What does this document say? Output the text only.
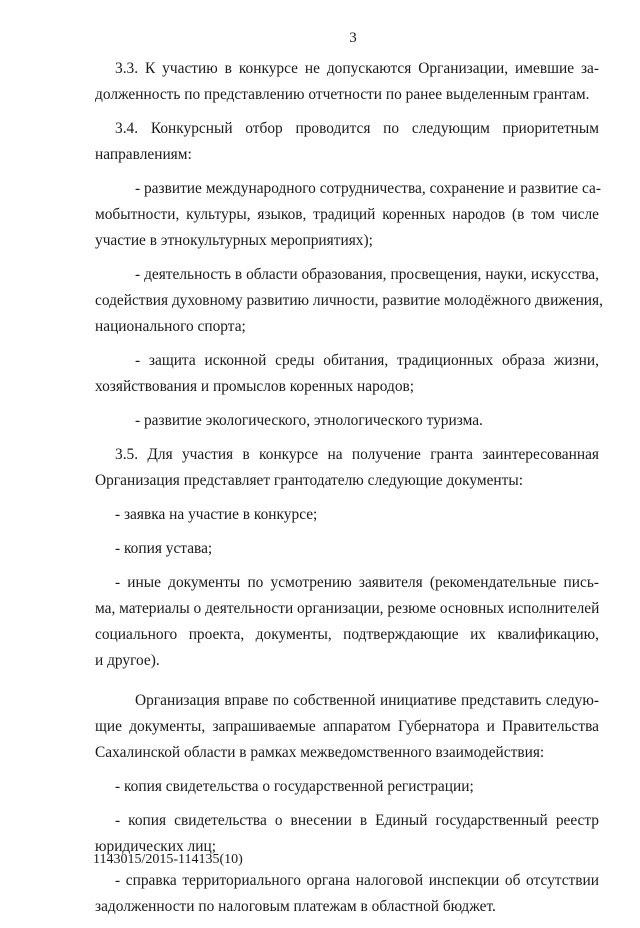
3
3.3. К участию в конкурсе не допускаются Организации, имевшие за-
долженность по представлению отчетности по ранее выделенным грантам.
3.4. Конкурсный отбор проводится по следующим приоритетным
направлениям:
- развитие международного сотрудничества, сохранение и развитие са-
мобытности, культуры, языков, традиций коренных народов (в том числе
участие в этнокультурных мероприятиях);
- деятельность в области образования, просвещения, науки, искусства,
содействия духовному развитию личности, развитие молодёжного движения,
национального спорта;
- защита исконной среды обитания, традиционных образа жизни,
хозяйствования и промыслов коренных народов;
- развитие экологического, этнологического туризма.
3.5. Для участия в конкурсе на получение гранта заинтересованная
Организация представляет грантодателю следующие документы:
- заявка на участие в конкурсе;
- копия устава;
- иные документы по усмотрению заявителя (рекомендательные пись-
ма, материалы о деятельности организации, резюме основных исполнителей
социального проекта, документы, подтверждающие их квалификацию,
и другое).
Организация вправе по собственной инициативе представить следую-
щие документы, запрашиваемые аппаратом Губернатора и Правительства
Сахалинской области в рамках межведомственного взаимодействия:
- копия свидетельства о государственной регистрации;
- копия свидетельства о внесении в Единый государственный реестр
юридических лиц;
- справка территориального органа налоговой инспекции об отсутствии
задолженности по налоговым платежам в областной бюджет.
1143015/2015-114135(10)
